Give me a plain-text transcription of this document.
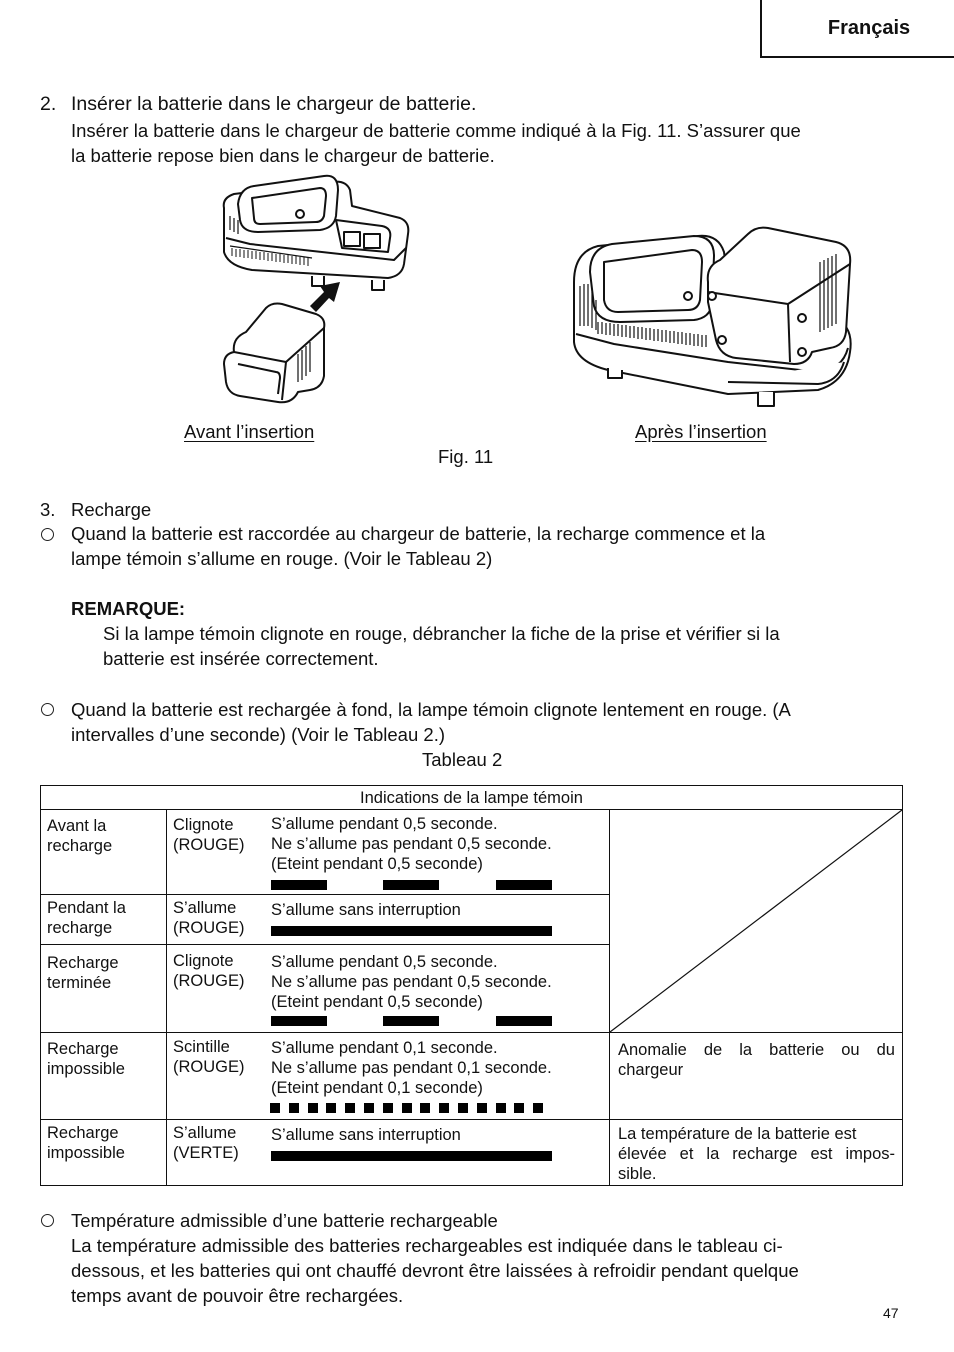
Français
2. Insérer la batterie dans le chargeur de batterie.
Insérer la batterie dans le chargeur de batterie comme indiqué à la Fig. 11. S’assurer que
la batterie repose bien dans le chargeur de batterie.
Avant l’insertion	Après l’insertion
Fig. 11
3. Recharge
Quand la batterie est raccordée au chargeur de batterie, la recharge commence et la
lampe témoin s’allume en rouge. (Voir le Tableau 2)
REMARQUE:
Si la lampe témoin clignote en rouge, débrancher la fiche de la prise et vérifier si la
batterie est insérée correctement.
Quand la batterie est rechargée à fond, la lampe témoin clignote lentement en rouge. (A
intervalles d’une seconde) (Voir le Tableau 2.)
Tableau 2
Indications de la lampe témoin
Avant la
recharge
Clignote
(ROUGE)
S’allume pendant 0,5 seconde.
Ne s’allume pas pendant 0,5 seconde.
(Eteint pendant 0,5 seconde)
Pendant la
recharge
S’allume
(ROUGE)
S’allume sans interruption
Recharge
terminée
Clignote
(ROUGE)
S’allume pendant 0,5 seconde.
Ne s’allume pas pendant 0,5 seconde.
(Eteint pendant 0,5 seconde)
Recharge
impossible
Scintille
(ROUGE)
S’allume pendant 0,1 seconde.
Ne s’allume pas pendant 0,1 seconde.
(Eteint pendant 0,1 seconde)
Anomalie de la batterie ou du
chargeur
Recharge
impossible
S’allume
(VERTE)
S’allume sans interruption	La température de la batterie est
élevée et la recharge est impos-
sible.
Température admissible d’une batterie rechargeable
La température admissible des batteries rechargeables est indiquée dans le tableau ci-
dessous, et les batteries qui ont chauffé devront être laissées à refroidir pendant quelque
temps avant de pouvoir être rechargées.
47
